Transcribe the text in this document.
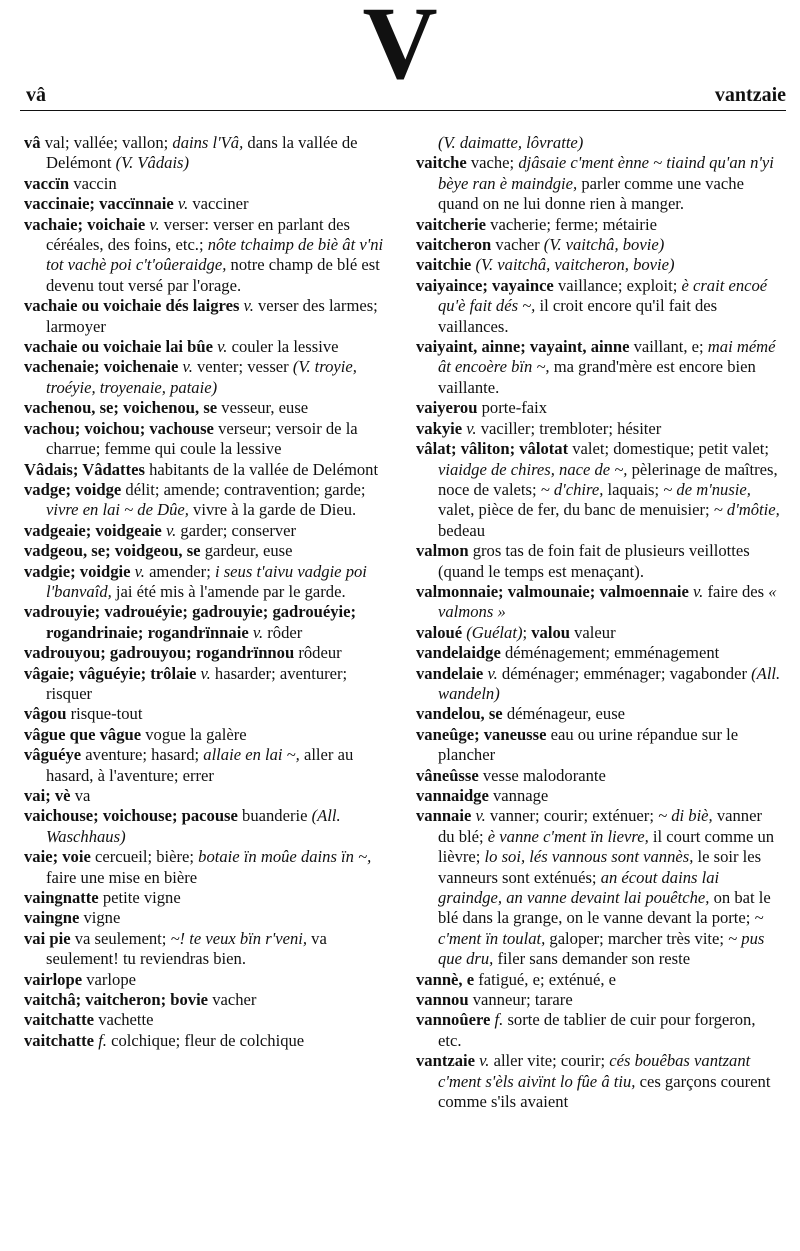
V
vâ	vantzaie
vâ val; vallée; vallon; dains l'Vâ, dans la vallée de Delémont (V. Vâdais)
vaccïn vaccin
vaccinaie; vaccïnnaie v. vacciner
vachaie; voichaie v. verser: verser en parlant des céréales, des foins, etc.; nôte tchaimp de biè ât v'ni tot vachè poi c't'oûeraidge, notre champ de blé est devenu tout versé par l'orage.
vachaie ou voichaie dés laigres v. verser des larmes; larmoyer
vachaie ou voichaie lai bûe v. couler la lessive
vachenaie; voichenaie v. venter; vesser (V. troyie, troéyie, troyenaie, pataie)
vachenou, se; voichenou, se vesseur, euse
vachou; voichou; vachouse verseur; versoir de la charrue; femme qui coule la lessive
Vâdais; Vâdattes habitants de la vallée de Delémont
vadge; voidge délit; amende; contravention; garde; vivre en lai ~ de Dûe, vivre à la garde de Dieu.
vadgeaie; voidgeaie v. garder; conserver
vadgeou, se; voidgeou, se gardeur, euse
vadgie; voidgie v. amender; i seus t'aivu vadgie poi l'banvaîd, jai été mis à l'amende par le garde.
vadrouyie; vadrouéyie; gadrouyie; gadrouéyie; rogandrinaie; rogandrïnnaie v. rôder
vadrouyou; gadrouyou; rogandrïnnou rôdeur
vâgaie; vâguéyie; trôlaie v. hasarder; aventurer; risquer
vâgou risque-tout
vâgue que vâgue vogue la galère
vâguéye aventure; hasard; allaie en lai ~, aller au hasard, à l'aventure; errer
vai; vè va
vaichouse; voichouse; pacouse buanderie (All. Waschhaus)
vaie; voie cercueil; bière; botaie ïn moûe dains ïn ~, faire une mise en bière
vaingnatte petite vigne
vaingne vigne
vai pie va seulement; ~! te veux bïn r'veni, va seulement! tu reviendras bien.
vairlope varlope
vaitchâ; vaitcheron; bovie vacher
vaitchatte vachette
vaitchatte f. colchique; fleur de colchique
(V. daimatte, lôvratte)
vaitche vache; djâsaie c'ment ènne ~ tiaind qu'an n'yi bèye ran è maindgie, parler comme une vache quand on ne lui donne rien à manger.
vaitcherie vacherie; ferme; métairie
vaitcheron vacher (V. vaitchâ, bovie)
vaitchie (V. vaitchâ, vaitcheron, bovie)
vaiyaince; vayaince vaillance; exploit; è crait encoé qu'è fait dés ~, il croit encore qu'il fait des vaillances.
vaiyaint, ainne; vayaint, ainne vaillant, e; mai mémé ât encoère bïn ~, ma grand'mère est encore bien vaillante.
vaiyerou porte-faix
vakyie v. vaciller; trembloter; hésiter
vâlat; vâliton; vâlotat valet; domestique; petit valet; viaidge de chires, nace de ~, pèlerinage de maîtres, noce de valets; ~ d'chire, laquais; ~ de m'nusie, valet, pièce de fer, du banc de menuisier; ~ d'môtie, bedeau
valmon gros tas de foin fait de plusieurs veillottes (quand le temps est menaçant).
valmonnaie; valmounaie; valmoennaie v. faire des « valmons »
valoué (Guélat); valou valeur
vandelaidge déménagement; emménagement
vandelaie v. déménager; emménager; vagabonder (All. wandeln)
vandelou, se déménageur, euse
vaneûge; vaneusse eau ou urine répandue sur le plancher
vâneûsse vesse malodorante
vannaidge vannage
vannaie v. vanner; courir; exténuer; ~ di biè, vanner du blé; è vanne c'ment ïn lievre, il court comme un lièvre; lo soi, lés vannous sont vannès, le soir les vanneurs sont exténués; an écout dains lai graindge, an vanne devaint lai pouêtche, on bat le blé dans la grange, on le vanne devant la porte; ~ c'ment ïn toulat, galoper; marcher très vite; ~ pus que dru, filer sans demander son reste
vannè, e fatigué, e; exténué, e
vannou vanneur; tarare
vannoûere f. sorte de tablier de cuir pour forgeron, etc.
vantzaie v. aller vite; courir; cés bouêbas vantzant c'ment s'èls aivïnt lo fûe â tiu, ces garçons courent comme s'ils avaient
